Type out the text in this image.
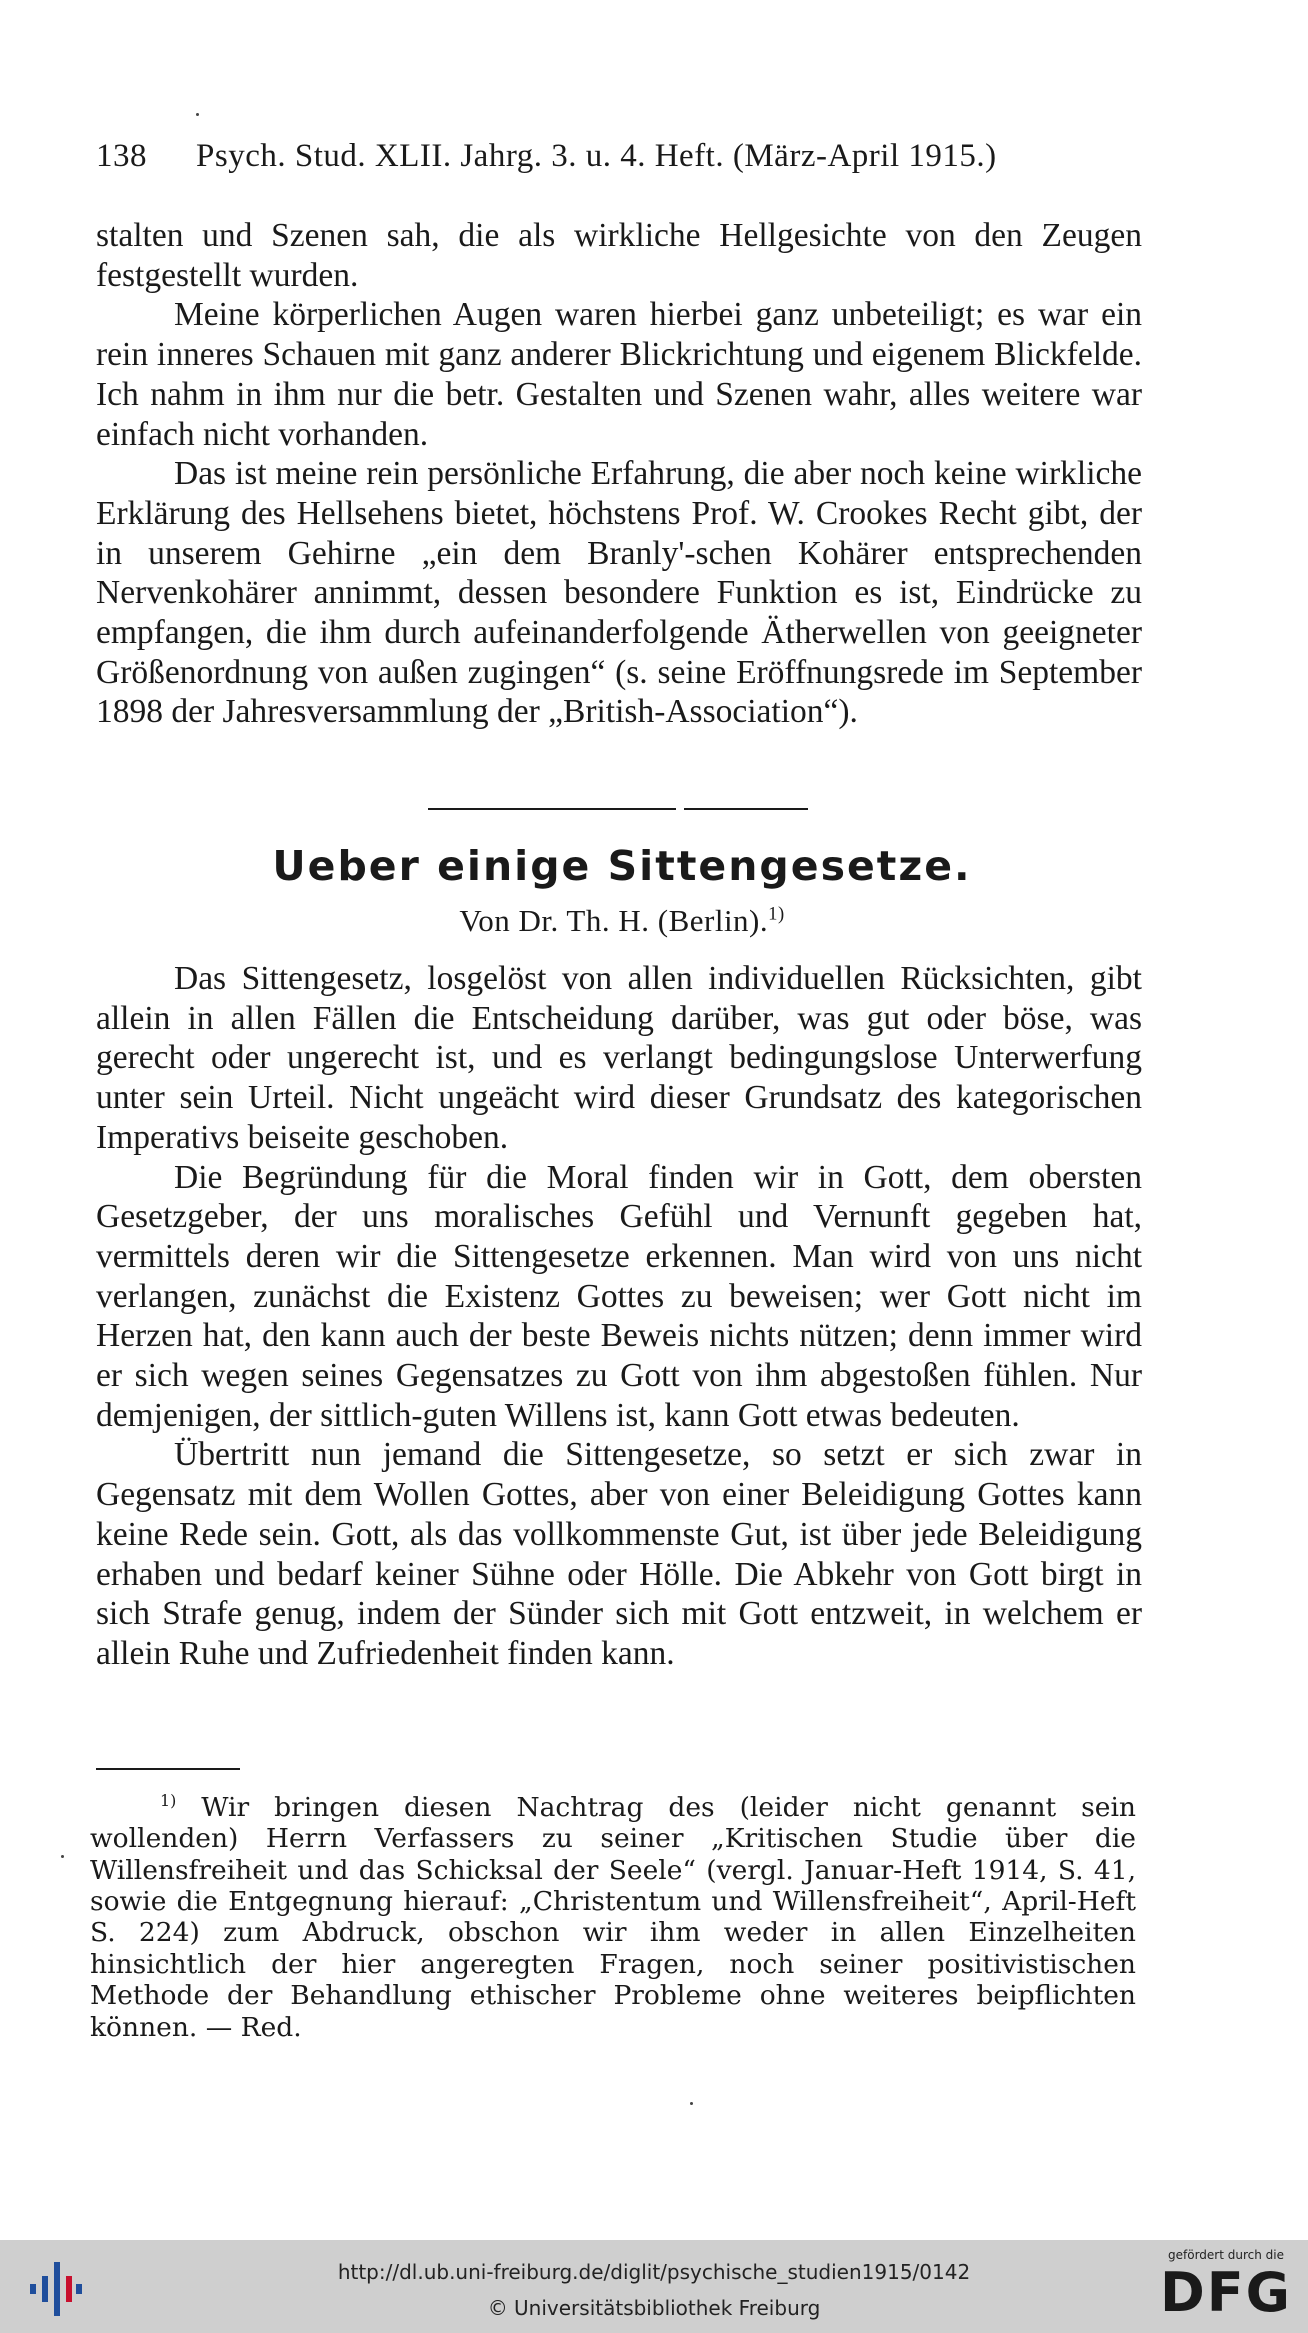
138	Psych. Stud. XLII. Jahrg. 3. u. 4. Heft. (März-April 1915.)

stalten und Szenen sah, die als wirkliche Hellgesichte von den Zeugen festgestellt wurden.

Meine körperlichen Augen waren hierbei ganz unbeteiligt; es war ein rein inneres Schauen mit ganz anderer Blickrichtung und eigenem Blickfelde. Ich nahm in ihm nur die betr. Gestalten und Szenen wahr, alles weitere war einfach nicht vorhanden.

Das ist meine rein persönliche Erfahrung, die aber noch keine wirkliche Erklärung des Hellsehens bietet, höchstens Prof. W. Crookes Recht gibt, der in unserem Gehirne „ein dem Branly'-schen Kohärer entsprechenden Nervenkohärer annimmt, dessen besondere Funktion es ist, Eindrücke zu empfangen, die ihm durch aufeinanderfolgende Ätherwellen von geeigneter Größenordnung von außen zugingen“ (s. seine Eröffnungsrede im September 1898 der Jahresversammlung der „British-Association“).

Ueber einige Sittengesetze.
Von Dr. Th. H. (Berlin).$^{1)}$

Das Sittengesetz, losgelöst von allen individuellen Rücksichten, gibt allein in allen Fällen die Entscheidung darüber, was gut oder böse, was gerecht oder ungerecht ist, und es verlangt bedingungslose Unterwerfung unter sein Urteil. Nicht ungeächt wird dieser Grundsatz des kategorischen Imperativs beiseite geschoben.

Die Begründung für die Moral finden wir in Gott, dem obersten Gesetzgeber, der uns moralisches Gefühl und Vernunft gegeben hat, vermittels deren wir die Sittengesetze erkennen. Man wird von uns nicht verlangen, zunächst die Existenz Gottes zu beweisen; wer Gott nicht im Herzen hat, den kann auch der beste Beweis nichts nützen; denn immer wird er sich wegen seines Gegensatzes zu Gott von ihm abgestoßen fühlen. Nur demjenigen, der sittlich-guten Willens ist, kann Gott etwas bedeuten.

Übertritt nun jemand die Sittengesetze, so setzt er sich zwar in Gegensatz mit dem Wollen Gottes, aber von einer Beleidigung Gottes kann keine Rede sein. Gott, als das vollkommenste Gut, ist über jede Beleidigung erhaben und bedarf keiner Sühne oder Hölle. Die Abkehr von Gott birgt in sich Strafe genug, indem der Sünder sich mit Gott entzweit, in welchem er allein Ruhe und Zufriedenheit finden kann.

$^{1)}$ Wir bringen diesen Nachtrag des (leider nicht genannt sein wollenden) Herrn Verfassers zu seiner „Kritischen Studie über die Willensfreiheit und das Schicksal der Seele“ (vergl. Januar-Heft 1914, S. 41, sowie die Entgegnung hierauf: „Christentum und Willensfreiheit“, April-Heft S. 224) zum Abdruck, obschon wir ihm weder in allen Einzelheiten hinsichtlich der hier angeregten Fragen, noch seiner positivistischen Methode der Behandlung ethischer Probleme ohne weiteres beipflichten können. — Red.

http://dl.ub.uni-freiburg.de/diglit/psychische_studien1915/0142
© Universitätsbibliothek Freiburg
gefördert durch die
DFG
